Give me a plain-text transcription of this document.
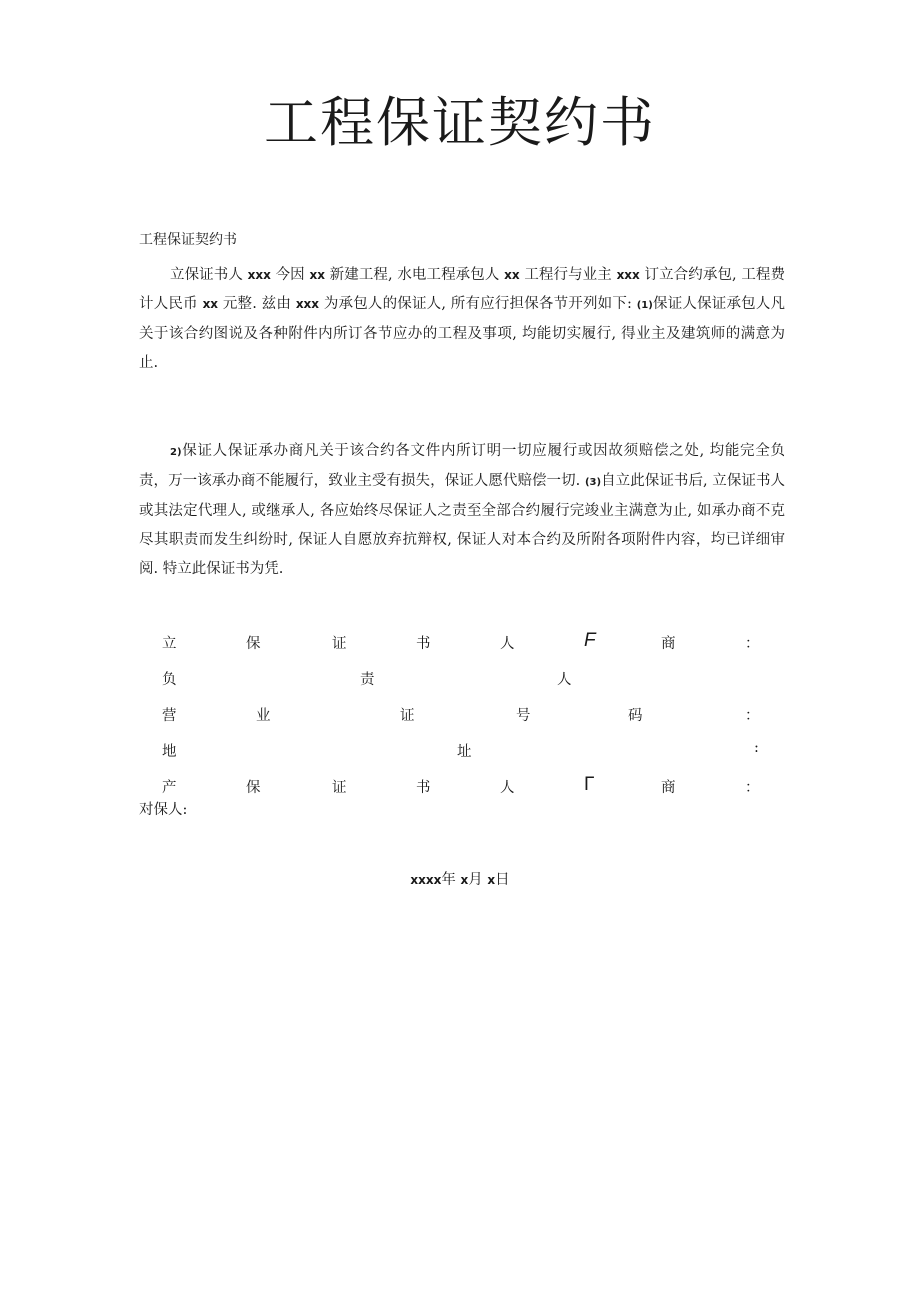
工程保证契约书
工程保证契约书

立保证书人 xxx 今因 xx 新建工程, 水电工程承包人 xx 工程行与业主 xxx 订立合约承包, 工程费计人民币 xx 元整. 兹由 xxx 为承包人的保证人, 所有应行担保各节开列如下: (1)保证人保证承包人凡关于该合约图说及各种附件内所订各节应办的工程及事项, 均能切实履行, 得业主及建筑师的满意为止.

2)保证人保证承办商凡关于该合约各文件内所订明一切应履行或因故须赔偿之处, 均能完全负责，万一该承办商不能履行，致业主受有损失，保证人愿代赔偿一切. (3)自立此保证书后, 立保证书人或其法定代理人, 或继承人, 各应始终尽保证人之责至全部合约履行完竣业主满意为止, 如承办商不克尽其职责而发生纠纷时, 保证人自愿放弃抗辩权, 保证人对本合约及所附各项附件内容，均已详细审阅. 特立此保证书为凭.

立	保	证	书	人	F	商	：
负	责	人
营	业	证	号	码	：
地	址	:
产	保	证	书	人	Γ	商	：
对保人:
xxxx年 x月 x日
